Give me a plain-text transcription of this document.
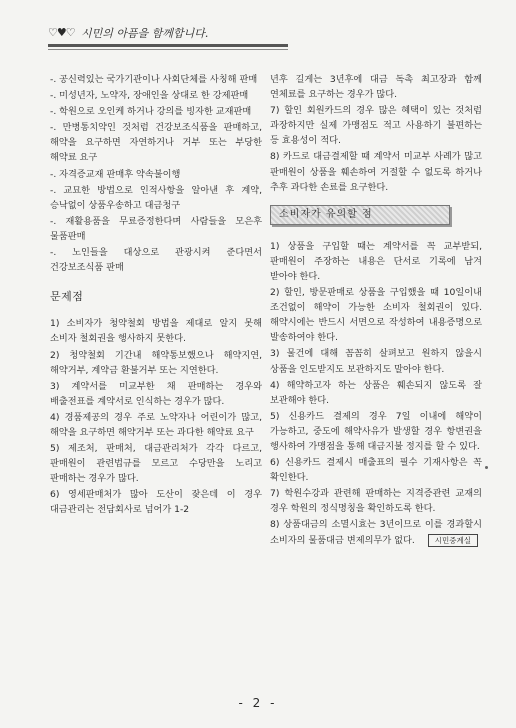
♡♥♡ 시민의 아픔을 함께합니다.

-. 공신력있는 국가기관이나 사회단체를 사칭해 판매

-. 미성년자, 노약자, 장애인을 상대로 한 강제판매

-. 학원으로 오인케 하거나 강의를 빙자한 교재판매

-. 만병통치약인 것처럼 건강보조식품을 판매하고, 해약을 요구하면 자연하거나 거부 또는 부당한 해약료 요구

-. 자격증교재 판매후 약속불이행

-. 교묘한 방법으로 인적사항을 알아낸 후 계약, 승낙없이 상품우송하고 대금청구

-. 재활용품을 무료증정한다며 사람들을 모은후 물품판매

-. 노인들을 대상으로 관광시켜 준다면서 건강보조식품 판매

문제점

1) 소비자가 청약철회 방법을 제대로 알지 못해 소비자 철회권을 행사하지 못한다.

2) 청약철회 기간내 해약통보했으나 해약지연, 해약거부, 계약금 환불거부 또는 지연한다.

3) 계약서를 미교부한 채 판매하는 경우와 배출전표를 계약서로 인식하는 경우가 많다.

4) 경품제공의 경우 주로 노약자나 어린이가 많고, 해약을 요구하면 해약거부 또는 과다한 해약료 요구

5) 제조처, 판매처, 대금관리처가 각각 다르고, 판매원이 관련법규를 모르고 수당만을 노리고 판매하는 경우가 많다.

6) 영세판매처가 많아 도산이 잦은데 이 경우 대금관리는 전담회사로 넘어가 1-2

년후 길게는 3년후에 대금 독촉 최고장과 함께 연체료를 요구하는 경우가 많다.

7) 할인 회원카드의 경우 많은 혜택이 있는 것처럼 과장하지만 실제 가맹점도 적고 사용하기 불편하는 등 효용성이 적다.

8) 카드로 대금결제할 때 계약서 미교부 사례가 많고 판매원이 상품을 훼손하여 거절할 수 없도록 하거나 추후 과다한 손료를 요구한다.

소비자가 유의할 점

1) 상품을 구입할 때는 계약서를 꼭 교부받되, 판매원이 주장하는 내용은 단서로 기록에 남겨 받아야 한다.

2) 할인, 방문판매로 상품을 구입했을 때 10일이내 조건없이 해약이 가능한 소비자 철회권이 있다. 해약시에는 반드시 서면으로 작성하여 내용증명으로 발송하여야 한다.

3) 물건에 대해 꼼꼼히 살펴보고 원하지 않을시 상품을 인도받지도 보관하지도 말아야 한다.

4) 해약하고자 하는 상품은 훼손되지 않도록 잘 보관해야 한다.

5) 신용카드 결제의 경우 7일 이내에 해약이 가능하고, 중도에 해약사유가 발생할 경우 항변권을 행사하여 가맹점을 통해 대금지불 정지를 할 수 있다.

6) 신용카드 결제시 매출표의 필수 기재사항은 꼭 확인한다.

7) 학원수강과 관련해 판매하는 지격증관련 교재의 경우 학원의 정식명칭을 확인하도록 한다.

8) 상품대금의 소멸시효는 3년이므로 이를 경과할시 소비자의 물품대금 변제의무가 없다.	시민중계실

- 2 -
